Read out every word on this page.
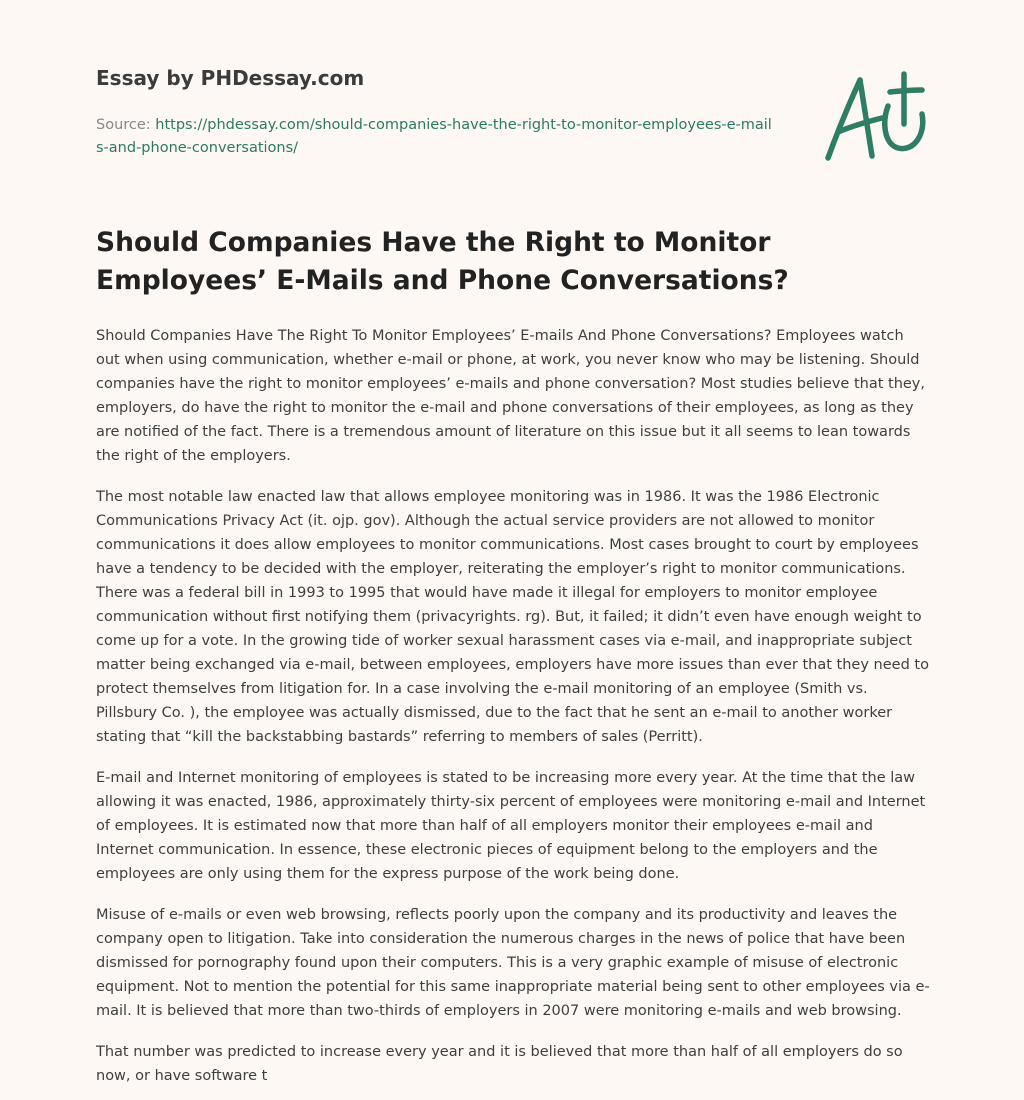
Essay by PHDessay.com
Source: https://phdessay.com/should-companies-have-the-right-to-monitor-employees-e-mails-and-phone-conversations/
Should Companies Have the Right to Monitor Employees’ E-Mails and Phone Conversations?

Should Companies Have The Right To Monitor Employees’ E-mails And Phone Conversations? Employees watch out when using communication, whether e-mail or phone, at work, you never know who may be listening. Should companies have the right to monitor employees’ e-mails and phone conversation? Most studies believe that they, employers, do have the right to monitor the e-mail and phone conversations of their employees, as long as they are notified of the fact. There is a tremendous amount of literature on this issue but it all seems to lean towards the right of the employers.

The most notable law enacted law that allows employee monitoring was in 1986. It was the 1986 Electronic Communications Privacy Act (it. ojp. gov). Although the actual service providers are not allowed to monitor communications it does allow employees to monitor communications. Most cases brought to court by employees have a tendency to be decided with the employer, reiterating the employer’s right to monitor communications. There was a federal bill in 1993 to 1995 that would have made it illegal for employers to monitor employee communication without first notifying them (privacyrights. rg). But, it failed; it didn’t even have enough weight to come up for a vote. In the growing tide of worker sexual harassment cases via e-mail, and inappropriate subject matter being exchanged via e-mail, between employees, employers have more issues than ever that they need to protect themselves from litigation for. In a case involving the e-mail monitoring of an employee (Smith vs. Pillsbury Co. ), the employee was actually dismissed, due to the fact that he sent an e-mail to another worker stating that “kill the backstabbing bastards” referring to members of sales (Perritt).

E-mail and Internet monitoring of employees is stated to be increasing more every year. At the time that the law allowing it was enacted, 1986, approximately thirty-six percent of employees were monitoring e-mail and Internet of employees. It is estimated now that more than half of all employers monitor their employees e-mail and Internet communication. In essence, these electronic pieces of equipment belong to the employers and the employees are only using them for the express purpose of the work being done.

Misuse of e-mails or even web browsing, reflects poorly upon the company and its productivity and leaves the company open to litigation. Take into consideration the numerous charges in the news of police that have been dismissed for pornography found upon their computers. This is a very graphic example of misuse of electronic equipment. Not to mention the potential for this same inappropriate material being sent to other employees via e-mail. It is believed that more than two-thirds of employers in 2007 were monitoring e-mails and web browsing.

That number was predicted to increase every year and it is believed that more than half of all employers do so now, or have software t
